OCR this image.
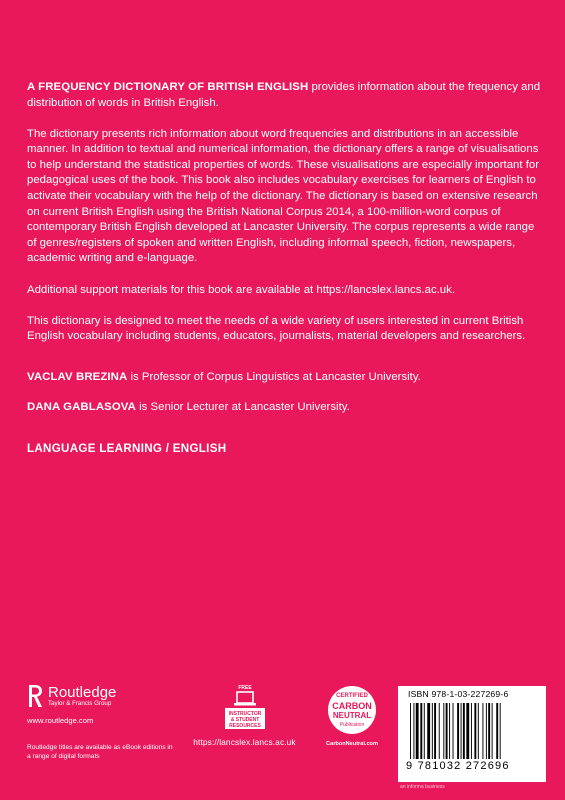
A FREQUENCY DICTIONARY OF BRITISH ENGLISH provides information about the frequency and distribution of words in British English.

The dictionary presents rich information about word frequencies and distributions in an accessible manner. In addition to textual and numerical information, the dictionary offers a range of visualisations to help understand the statistical properties of words. These visualisations are especially important for pedagogical uses of the book. This book also includes vocabulary exercises for learners of English to activate their vocabulary with the help of the dictionary. The dictionary is based on extensive research on current British English using the British National Corpus 2014, a 100-million-word corpus of contemporary British English developed at Lancaster University. The corpus represents a wide range of genres/registers of spoken and written English, including informal speech, fiction, newspapers, academic writing and e-language.

Additional support materials for this book are available at https://lancslex.lancs.ac.uk.

This dictionary is designed to meet the needs of a wide variety of users interested in current British English vocabulary including students, educators, journalists, material developers and researchers.

VACLAV BREZINA is Professor of Corpus Linguistics at Lancaster University.

DANA GABLASOVA is Senior Lecturer at Lancaster University.

LANGUAGE LEARNING / ENGLISH
Routledge
Taylor & Francis Group
www.routledge.com
Routledge titles are available as eBook editions in a range of digital formats
FREE
INSTRUCTOR
& STUDENT
RESOURCES
https://lancslex.lancs.ac.uk
CERTIFIED
CARBON
NEUTRAL
Publication
CarbonNeutral.com
ISBN 978-1-03-227269-6
9 781032 272696
an informa business
